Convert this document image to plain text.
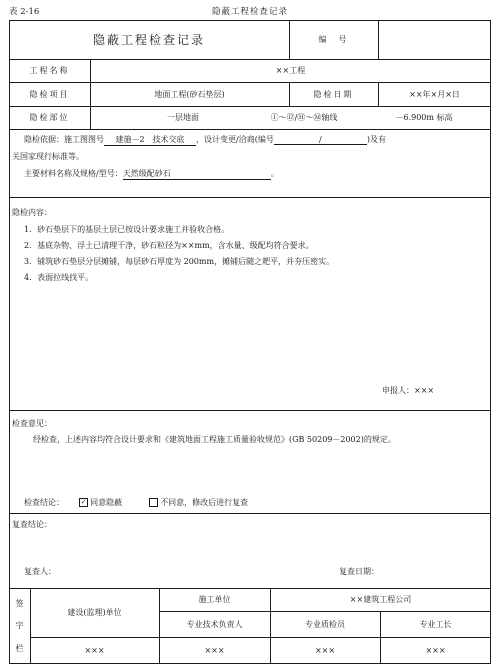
表 2-16	隐蔽工程检查记录
隐蔽工程检查记录	编　号
工程名称	××工程
隐检项目	地面工程(砂石垫层)	隐检日期	××年×月×日
隐检部位	一层地面	①～⑫/Ⓗ～Ⓜ轴线	－6.900m 标高
隐检依据：施工图图号 建施－2　技术交底 ，设计变更/洽商(编号	/	)及有
关国家现行标准等。
主要材料名称及规格/型号：天然级配砂石	。
隐检内容：
1．砂石垫层下的基层土层已按设计要求施工并验收合格。
2．基底杂物、浮土已清理干净，砂石粒径为××mm，含水量、级配均符合要求。
3．铺筑砂石垫层分层摊铺，每层砂石厚度为 200mm，摊铺后随之耙平，并夯压密实。
4．表面拉线找平。
申报人：×××
检查意见：
经检查，上述内容均符合设计要求和《建筑地面工程施工质量验收规范》(GB 50209－2002)的规定。
检查结论： ✓ 同意隐蔽	不同意，修改后进行复查
复查结论：
复查人：	复查日期：
签
字
栏
建设(监理)单位
施工单位	××建筑工程公司
专业技术负责人	专业质检员	专业工长
×××	×××	×××	×××
